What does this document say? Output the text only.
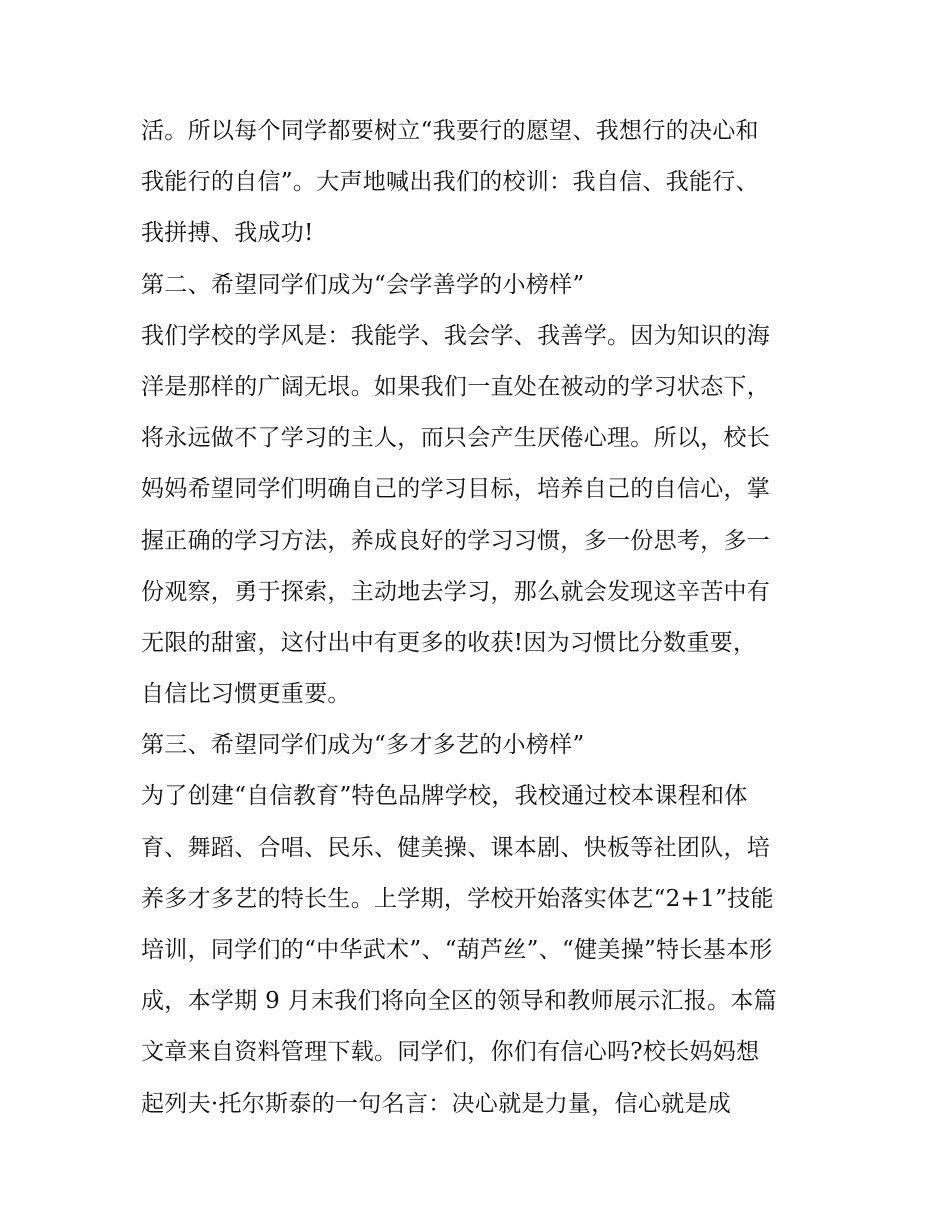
活。所以每个同学都要树立“我要行的愿望、我想行的决心和
我能行的自信”。大声地喊出我们的校训：我自信、我能行、
我拼搏、我成功!
第二、希望同学们成为“会学善学的小榜样”
我们学校的学风是：我能学、我会学、我善学。因为知识的海
洋是那样的广阔无垠。如果我们一直处在被动的学习状态下，
将永远做不了学习的主人，而只会产生厌倦心理。所以，校长
妈妈希望同学们明确自己的学习目标，培养自己的自信心，掌
握正确的学习方法，养成良好的学习习惯，多一份思考，多一
份观察，勇于探索，主动地去学习，那么就会发现这辛苦中有
无限的甜蜜，这付出中有更多的收获!因为习惯比分数重要，
自信比习惯更重要。
第三、希望同学们成为“多才多艺的小榜样”
为了创建“自信教育”特色品牌学校，我校通过校本课程和体
育、舞蹈、合唱、民乐、健美操、课本剧、快板等社团队，培
养多才多艺的特长生。上学期，学校开始落实体艺“2+1”技能
培训，同学们的“中华武术”、“葫芦丝”、“健美操”特长基本形
成，本学期 9 月末我们将向全区的领导和教师展示汇报。本篇
文章来自资料管理下载。同学们，你们有信心吗?校长妈妈想
起列夫·托尔斯泰的一句名言：决心就是力量，信心就是成
